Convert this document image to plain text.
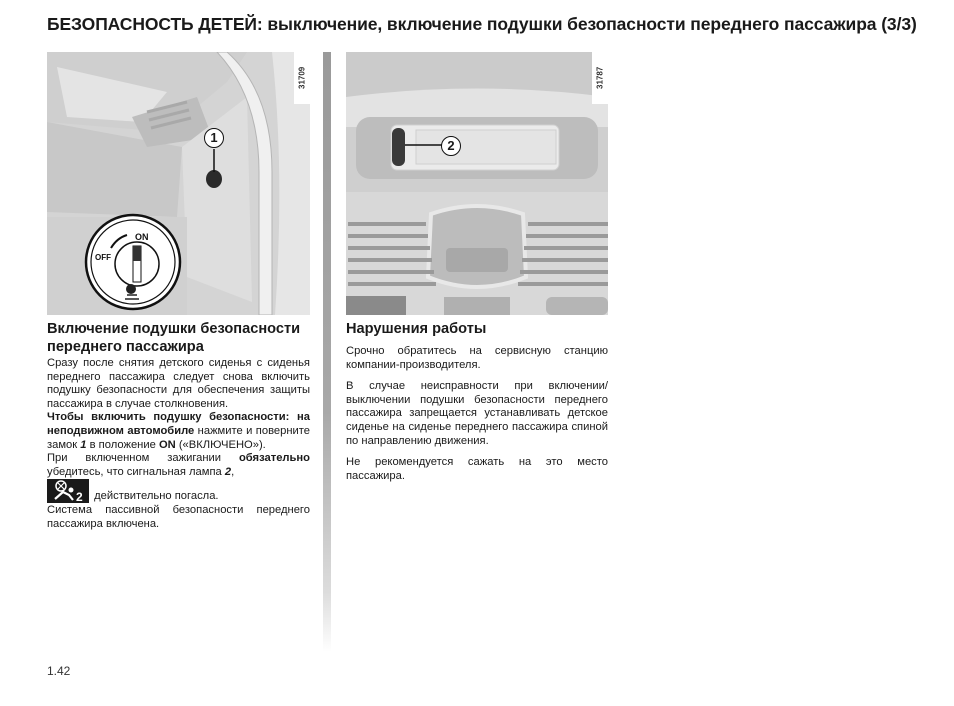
БЕЗОПАСНОСТЬ ДЕТЕЙ: выключение, включение подушки безопасности переднего пассажира (3/3)
ON
OFF
1
31709
2
31787
Включение подушки безопасности переднего пассажира

Сразу после снятия детского сиденья с сиденья переднего пассажира следует снова включить подушку безопасности для обеспечения защиты пассажира в случае столкновения.

Чтобы включить подушку безопасности: на неподвижном автомобиле нажмите и поверните замок 1 в положение ON («ВКЛЮЧЕНО»).

При включенном зажигании обязательно убедитесь, что сигнальная лампа 2,

2 действительно погасла.

Система пассивной безопасности переднего пассажира включена.

Нарушения работы

Срочно обратитесь на сервисную станцию компании-производителя.

В случае неисправности при включении/выключении подушки безопасности переднего пассажира запрещается устанавливать детское сиденье на сиденье переднего пассажира спиной по направлению движения.

Не рекомендуется сажать на это место пассажира.

1.42
